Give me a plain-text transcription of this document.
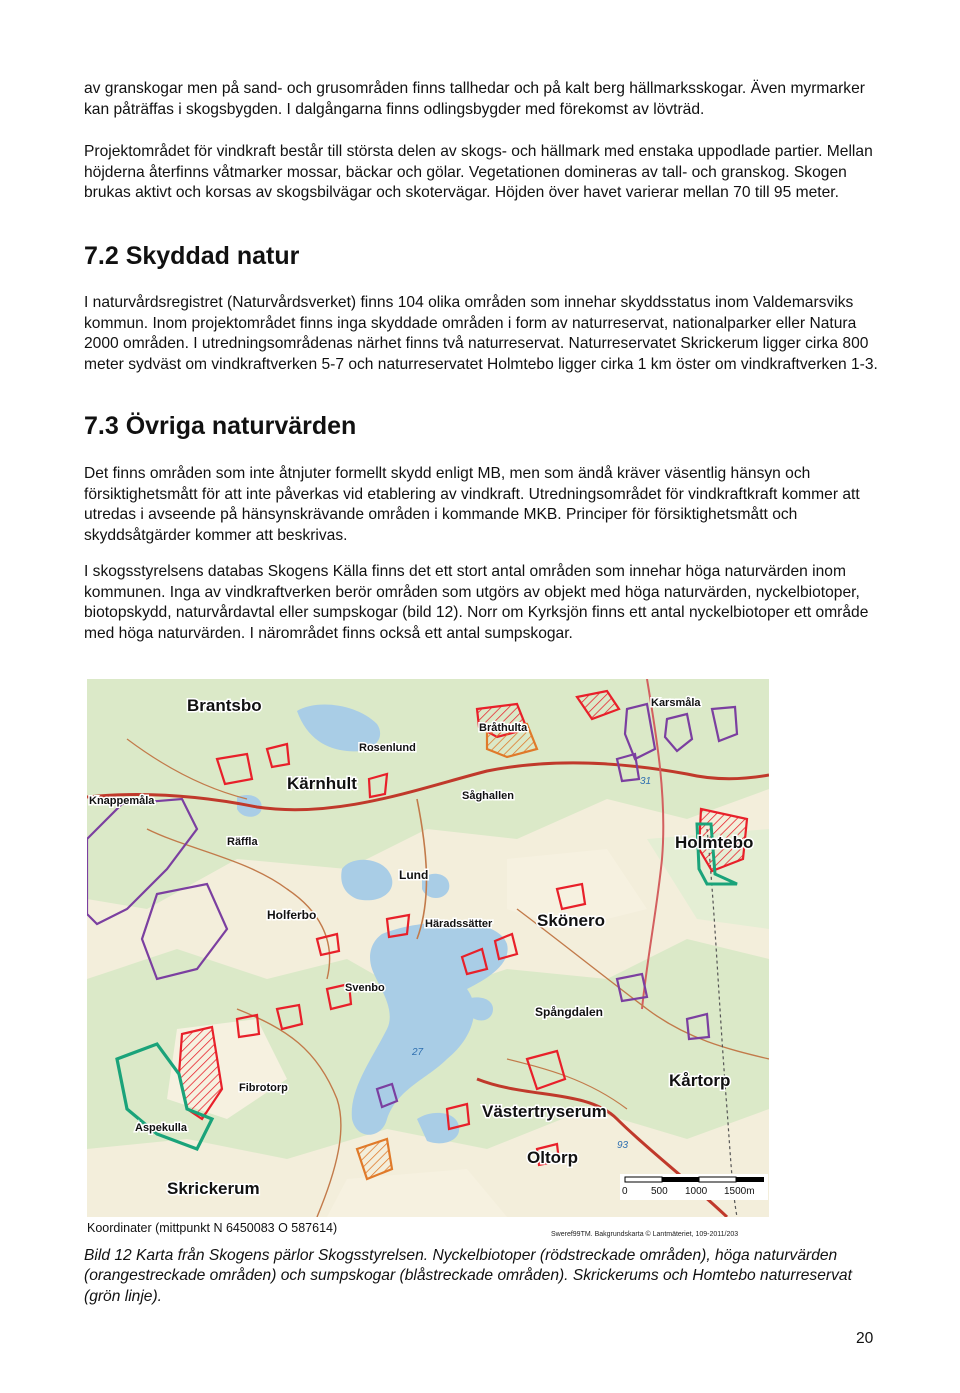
av granskogar men på sand- och grusområden finns tallhedar och på kalt berg hällmarksskogar. Även myrmarker kan påträffas i skogsbygden. I dalgångarna finns odlingsbygder med förekomst av lövträd.

Projektområdet för vindkraft består till största delen av skogs- och hällmark med enstaka uppodlade partier. Mellan höjderna återfinns våtmarker mossar, bäckar och gölar. Vegetationen domineras av tall- och granskog. Skogen brukas aktivt och korsas av skogsbilvägar och skotervägar. Höjden över havet varierar mellan 70 till 95 meter.

7.2 Skyddad natur

I naturvårdsregistret (Naturvårdsverket) finns 104 olika områden som innehar skyddsstatus inom Valdemarsviks kommun. Inom projektområdet finns inga skyddade områden i form av naturreservat, nationalparker eller Natura 2000 områden. I utredningsområdenas närhet finns två naturreservat. Naturreservatet Skrickerum ligger cirka 800 meter sydväst om vindkraftverken 5-7 och naturreservatet Holmtebo ligger cirka 1 km öster om vindkraftverken 1-3.

7.3 Övriga naturvärden

Det finns områden som inte åtnjuter formellt skydd enligt MB, men som ändå kräver väsentlig hänsyn och försiktighetsmått för att inte påverkas vid etablering av vindkraft. Utredningsområdet för vindkraftkraft kommer att utredas i avseende på hänsynskrävande områden i kommande MKB. Principer för försiktighetsmått och skyddsåtgärder kommer att beskrivas.

I skogsstyrelsens databas Skogens Källa finns det ett stort antal områden som innehar höga naturvärden inom kommunen. Inga av vindkraftverken berör områden som utgörs av objekt med höga naturvärden, nyckelbiotoper, biotopskydd, naturvårdavtal eller sumpskogar (bild 12). Norr om Kyrksjön finns ett antal nyckelbiotoper ett område med höga naturvärden. I närområdet finns också ett antal sumpskogar.

Brantsbo
Rosenlund
Bråthulta
Karsmåla
Kärnhult
Såghallen
Knappemåla
Räffla
Lund
Holmtebo
Holferbo
Häradssätter	Skönero
Svenbo
Spångdalen
Fibrotorp	Kårtorp
Aspekulla
Västertryserum
Oltorp
Skrickerum
31
27
93
0 500 1000 1500m
Koordinater (mittpunkt N 6450083 O 587614)	Sweref99TM. Bakgrundskarta © Lantmäteriet, 109-2011/203

Bild 12 Karta från Skogens pärlor Skogsstyrelsen. Nyckelbiotoper (rödstreckade områden), höga naturvärden (orangestreckade områden) och sumpskogar (blåstreckade områden). Skrickerums och Homtebo naturreservat (grön linje).

20
